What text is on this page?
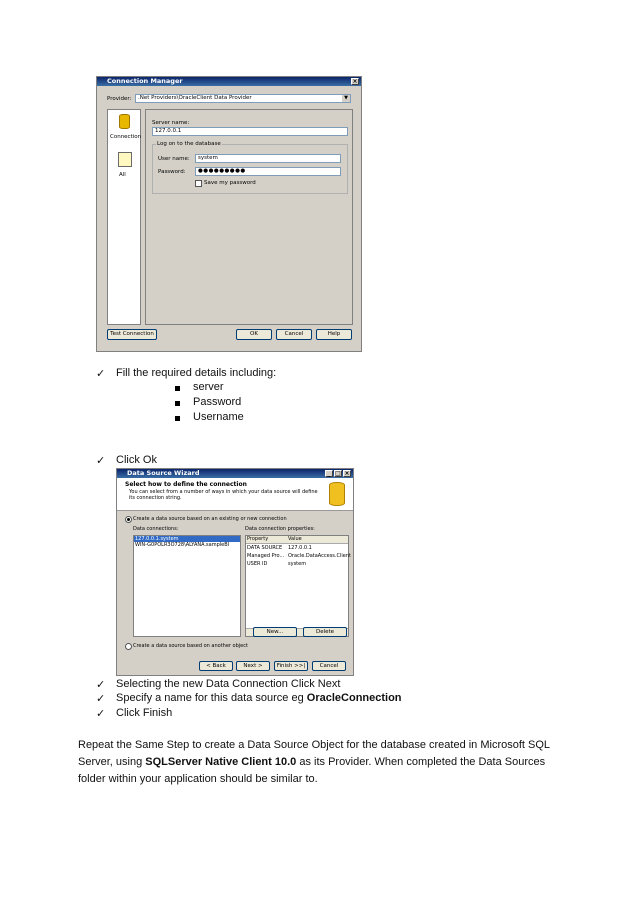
Connection Manager	×
Provider:	.Net Providers\OracleClient Data Provider	▼
Connection
All
Server name:
127.0.0.1
Log on to the database
User name:	system
Password:	●●●●●●●●●
Save my password
Test Connection	OK	Cancel	Help
✓ Fill the required details including:
server
Password
Username
✓ Click Ok
Data Source Wizard	_ □ ×
Select how to define the connection
You can select from a number of ways in which your data source will define its connection string.
Create a data source based on an existing or new connection
Data connections:
127.0.0.1.system
WIN-G0POLR3O728\ALYANA.sampleBI
Data connection properties:
Property	Value
DATA SOURCE 127.0.0.1
Managed Pro... Oracle.DataAccess.Client
USER ID	system
New...	Delete
Create a data source based on another object
< Back	Next >	Finish >>|	Cancel
✓ Selecting the new Data Connection Click Next
✓ Specify a name for this data source eg OracleConnection
✓ Click Finish
Repeat the Same Step to create a Data Source Object for the database created in Microsoft SQL Server, using SQLServer Native Client 10.0 as its Provider. When completed the Data Sources folder within your application should be similar to.
